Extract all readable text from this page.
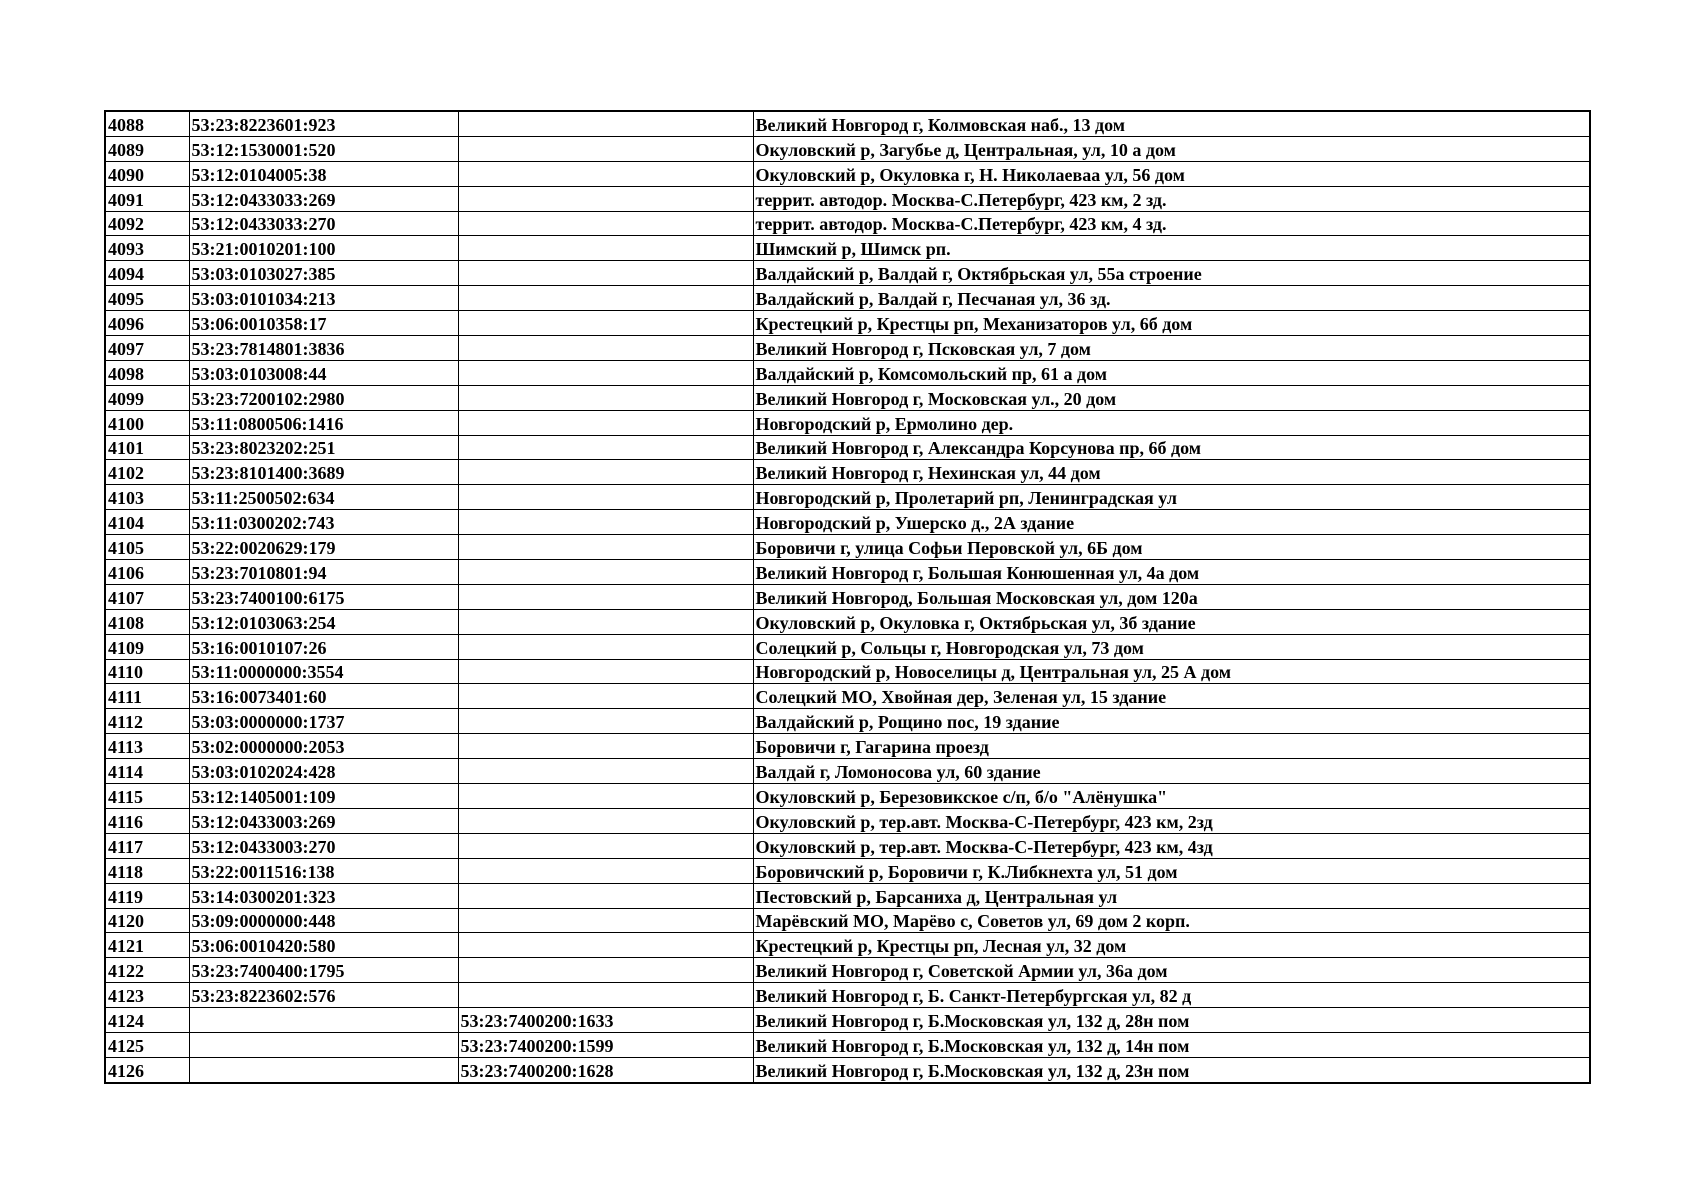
4088	53:23:8223601:923		Великий Новгород г, Колмовская наб., 13 дом
4089	53:12:1530001:520		Окуловский р, Загубье д, Центральная, ул, 10 а дом
4090	53:12:0104005:38		Окуловский р, Окуловка г, Н. Николаеваа ул, 56 дом
4091	53:12:0433033:269		террит. автодор. Москва-С.Петербург, 423 км, 2 зд.
4092	53:12:0433033:270		террит. автодор. Москва-С.Петербург, 423 км, 4 зд.
4093	53:21:0010201:100		Шимский р, Шимск рп.
4094	53:03:0103027:385		Валдайский р, Валдай г, Октябрьская ул, 55а строение
4095	53:03:0101034:213		Валдайский р, Валдай г, Песчаная ул, 36 зд.
4096	53:06:0010358:17		Крестецкий р, Крестцы рп, Механизаторов ул, 6б дом
4097	53:23:7814801:3836		Великий Новгород г, Псковская ул, 7 дом
4098	53:03:0103008:44		Валдайский р, Комсомольский пр, 61 а дом
4099	53:23:7200102:2980		Великий Новгород г, Московская ул., 20 дом
4100	53:11:0800506:1416		Новгородский р, Ермолино дер.
4101	53:23:8023202:251		Великий Новгород г, Александра Корсунова пр, 6б дом
4102	53:23:8101400:3689		Великий Новгород г, Нехинская ул, 44 дом
4103	53:11:2500502:634		Новгородский р, Пролетарий рп, Ленинградская ул
4104	53:11:0300202:743		Новгородский р, Ушерско д., 2А здание
4105	53:22:0020629:179		Боровичи г, улица Софьи Перовской ул, 6Б дом
4106	53:23:7010801:94		Великий Новгород г, Большая Конюшенная ул, 4а дом
4107	53:23:7400100:6175		Великий Новгород, Большая Московская ул, дом 120а
4108	53:12:0103063:254		Окуловский р, Окуловка г, Октябрьская ул, 3б здание
4109	53:16:0010107:26		Солецкий р, Сольцы г, Новгородская ул, 73 дом
4110	53:11:0000000:3554		Новгородский р, Новоселицы д, Центральная ул, 25 А дом
4111	53:16:0073401:60		Солецкий МО, Хвойная дер, Зеленая ул, 15 здание
4112	53:03:0000000:1737		Валдайский р, Рощино пос, 19 здание
4113	53:02:0000000:2053		Боровичи г, Гагарина проезд
4114	53:03:0102024:428		Валдай г, Ломоносова ул, 60 здание
4115	53:12:1405001:109		Окуловский р, Березовикское с/п, б/о "Алёнушка"
4116	53:12:0433003:269		Окуловский р, тер.авт. Москва-С-Петербург, 423 км, 2зд
4117	53:12:0433003:270		Окуловский р, тер.авт. Москва-С-Петербург, 423 км, 4зд
4118	53:22:0011516:138		Боровичский р, Боровичи г, К.Либкнехта ул, 51 дом
4119	53:14:0300201:323		Пестовский р, Барсаниха д, Центральная ул
4120	53:09:0000000:448		Марёвский МО, Марёво с, Советов ул, 69 дом 2 корп.
4121	53:06:0010420:580		Крестецкий р, Крестцы рп, Лесная ул, 32 дом
4122	53:23:7400400:1795		Великий Новгород г, Советской Армии ул, 36а дом
4123	53:23:8223602:576		Великий Новгород г, Б. Санкт-Петербургская ул, 82 д
4124		53:23:7400200:1633	Великий Новгород г, Б.Московская ул, 132 д, 28н пом
4125		53:23:7400200:1599	Великий Новгород г, Б.Московская ул, 132 д, 14н пом
4126		53:23:7400200:1628	Великий Новгород г, Б.Московская ул, 132 д, 23н пом
